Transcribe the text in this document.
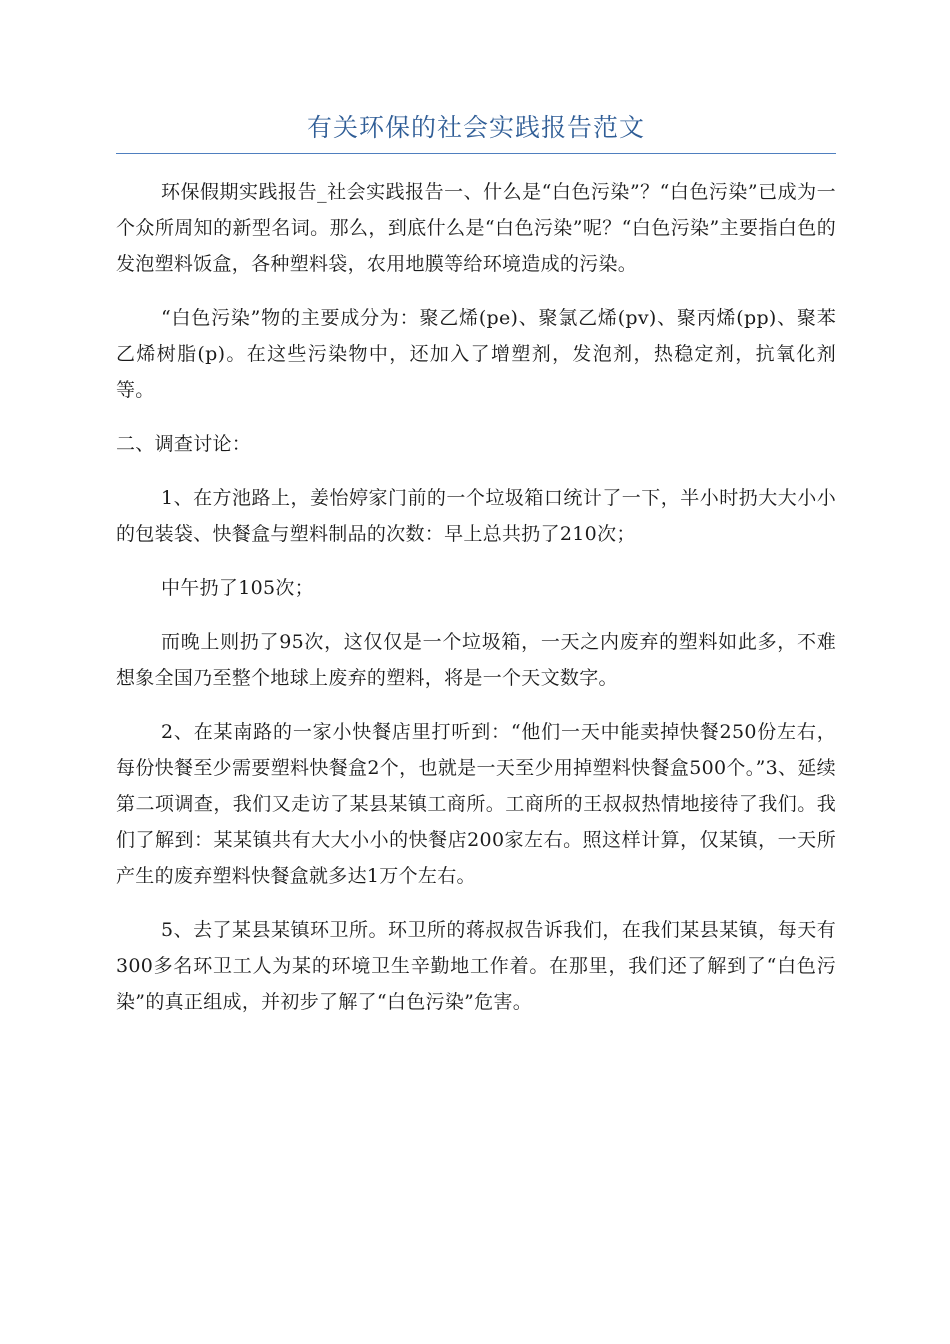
有关环保的社会实践报告范文

环保假期实践报告_社会实践报告一、什么是“白色污染”？“白色污染”已成为一个众所周知的新型名词。那么，到底什么是“白色污染”呢？“白色污染”主要指白色的发泡塑料饭盒，各种塑料袋，农用地膜等给环境造成的污染。

“白色污染”物的主要成分为：聚乙烯(pe)、聚氯乙烯(pv)、聚丙烯(pp)、聚苯乙烯树脂(p)。在这些污染物中，还加入了增塑剂，发泡剂，热稳定剂，抗氧化剂等。

二、调查讨论：

1、在方池路上，姜怡婷家门前的一个垃圾箱口统计了一下，半小时扔大大小小的包装袋、快餐盒与塑料制品的次数：早上总共扔了210次；

中午扔了105次；

而晚上则扔了95次，这仅仅是一个垃圾箱，一天之内废弃的塑料如此多，不难想象全国乃至整个地球上废弃的塑料，将是一个天文数字。

2、在某南路的一家小快餐店里打听到：“他们一天中能卖掉快餐250份左右，每份快餐至少需要塑料快餐盒2个，也就是一天至少用掉塑料快餐盒500个。”3、延续第二项调查，我们又走访了某县某镇工商所。工商所的王叔叔热情地接待了我们。我们了解到：某某镇共有大大小小的快餐店200家左右。照这样计算，仅某镇，一天所产生的废弃塑料快餐盒就多达1万个左右。

5、去了某县某镇环卫所。环卫所的蒋叔叔告诉我们，在我们某县某镇，每天有300多名环卫工人为某的环境卫生辛勤地工作着。在那里，我们还了解到了“白色污染”的真正组成，并初步了解了“白色污染”危害。
